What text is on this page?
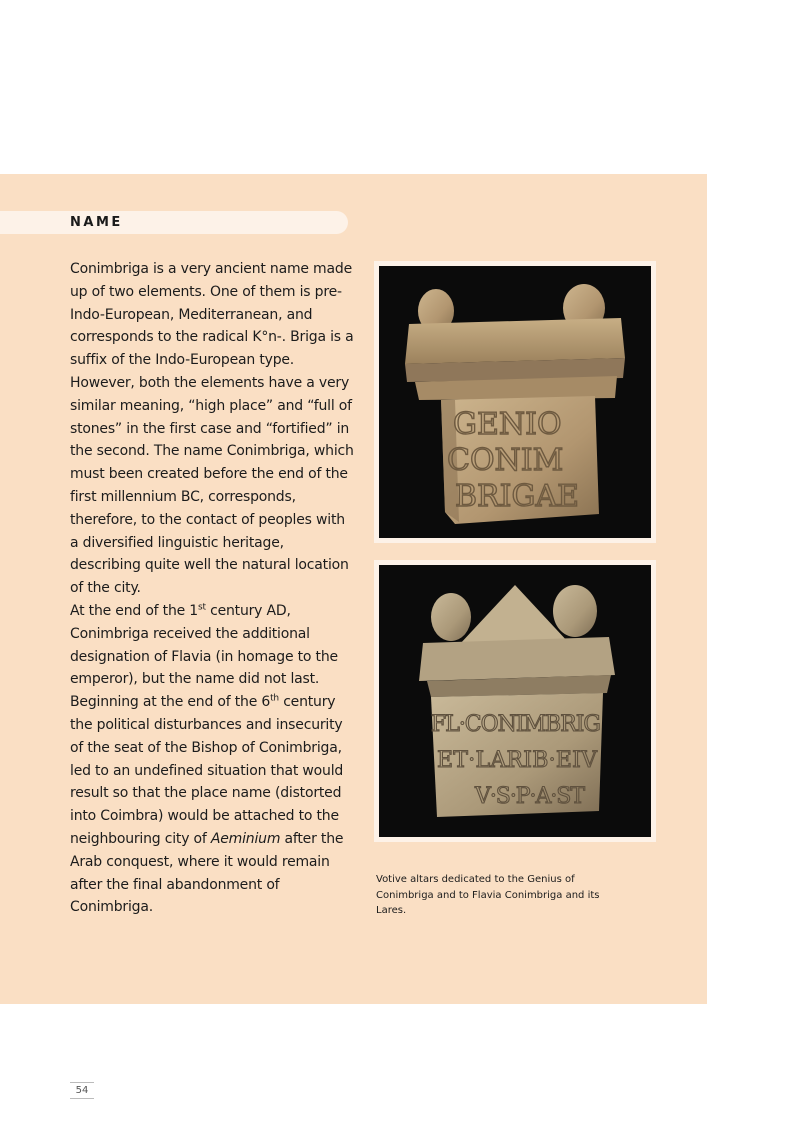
NAME

Conimbriga is a very ancient name made up of two elements. One of them is pre-Indo-European, Mediterranean, and corresponds to the radical K°n-. Briga is a suffix of the Indo-European type. However, both the elements have a very similar meaning, “high place” and “full of stones” in the first case and “fortified” in the second. The name Conimbriga, which must been created before the end of the first millennium BC, corresponds, therefore, to the contact of peoples with a diversified linguistic heritage, describing quite well the natural location of the city.

At the end of the 1st century AD, Conimbriga received the additional designation of Flavia (in homage to the emperor), but the name did not last. Beginning at the end of the 6th century the political disturbances and insecurity of the seat of the Bishop of Conimbriga, led to an undefined situation that would result so that the place name (distorted into Coimbra) would be attached to the neighbouring city of Aeminium after the Arab conquest, where it would remain after the final abandonment of Conimbriga.

GENIO
CONIM
BRIGAE
FL·CONIMBRIG
ET·LARIB·EIV
V·S·P·A·ST
Votive altars dedicated to the Genius of Conimbriga and to Flavia Conimbriga and its Lares.
54
